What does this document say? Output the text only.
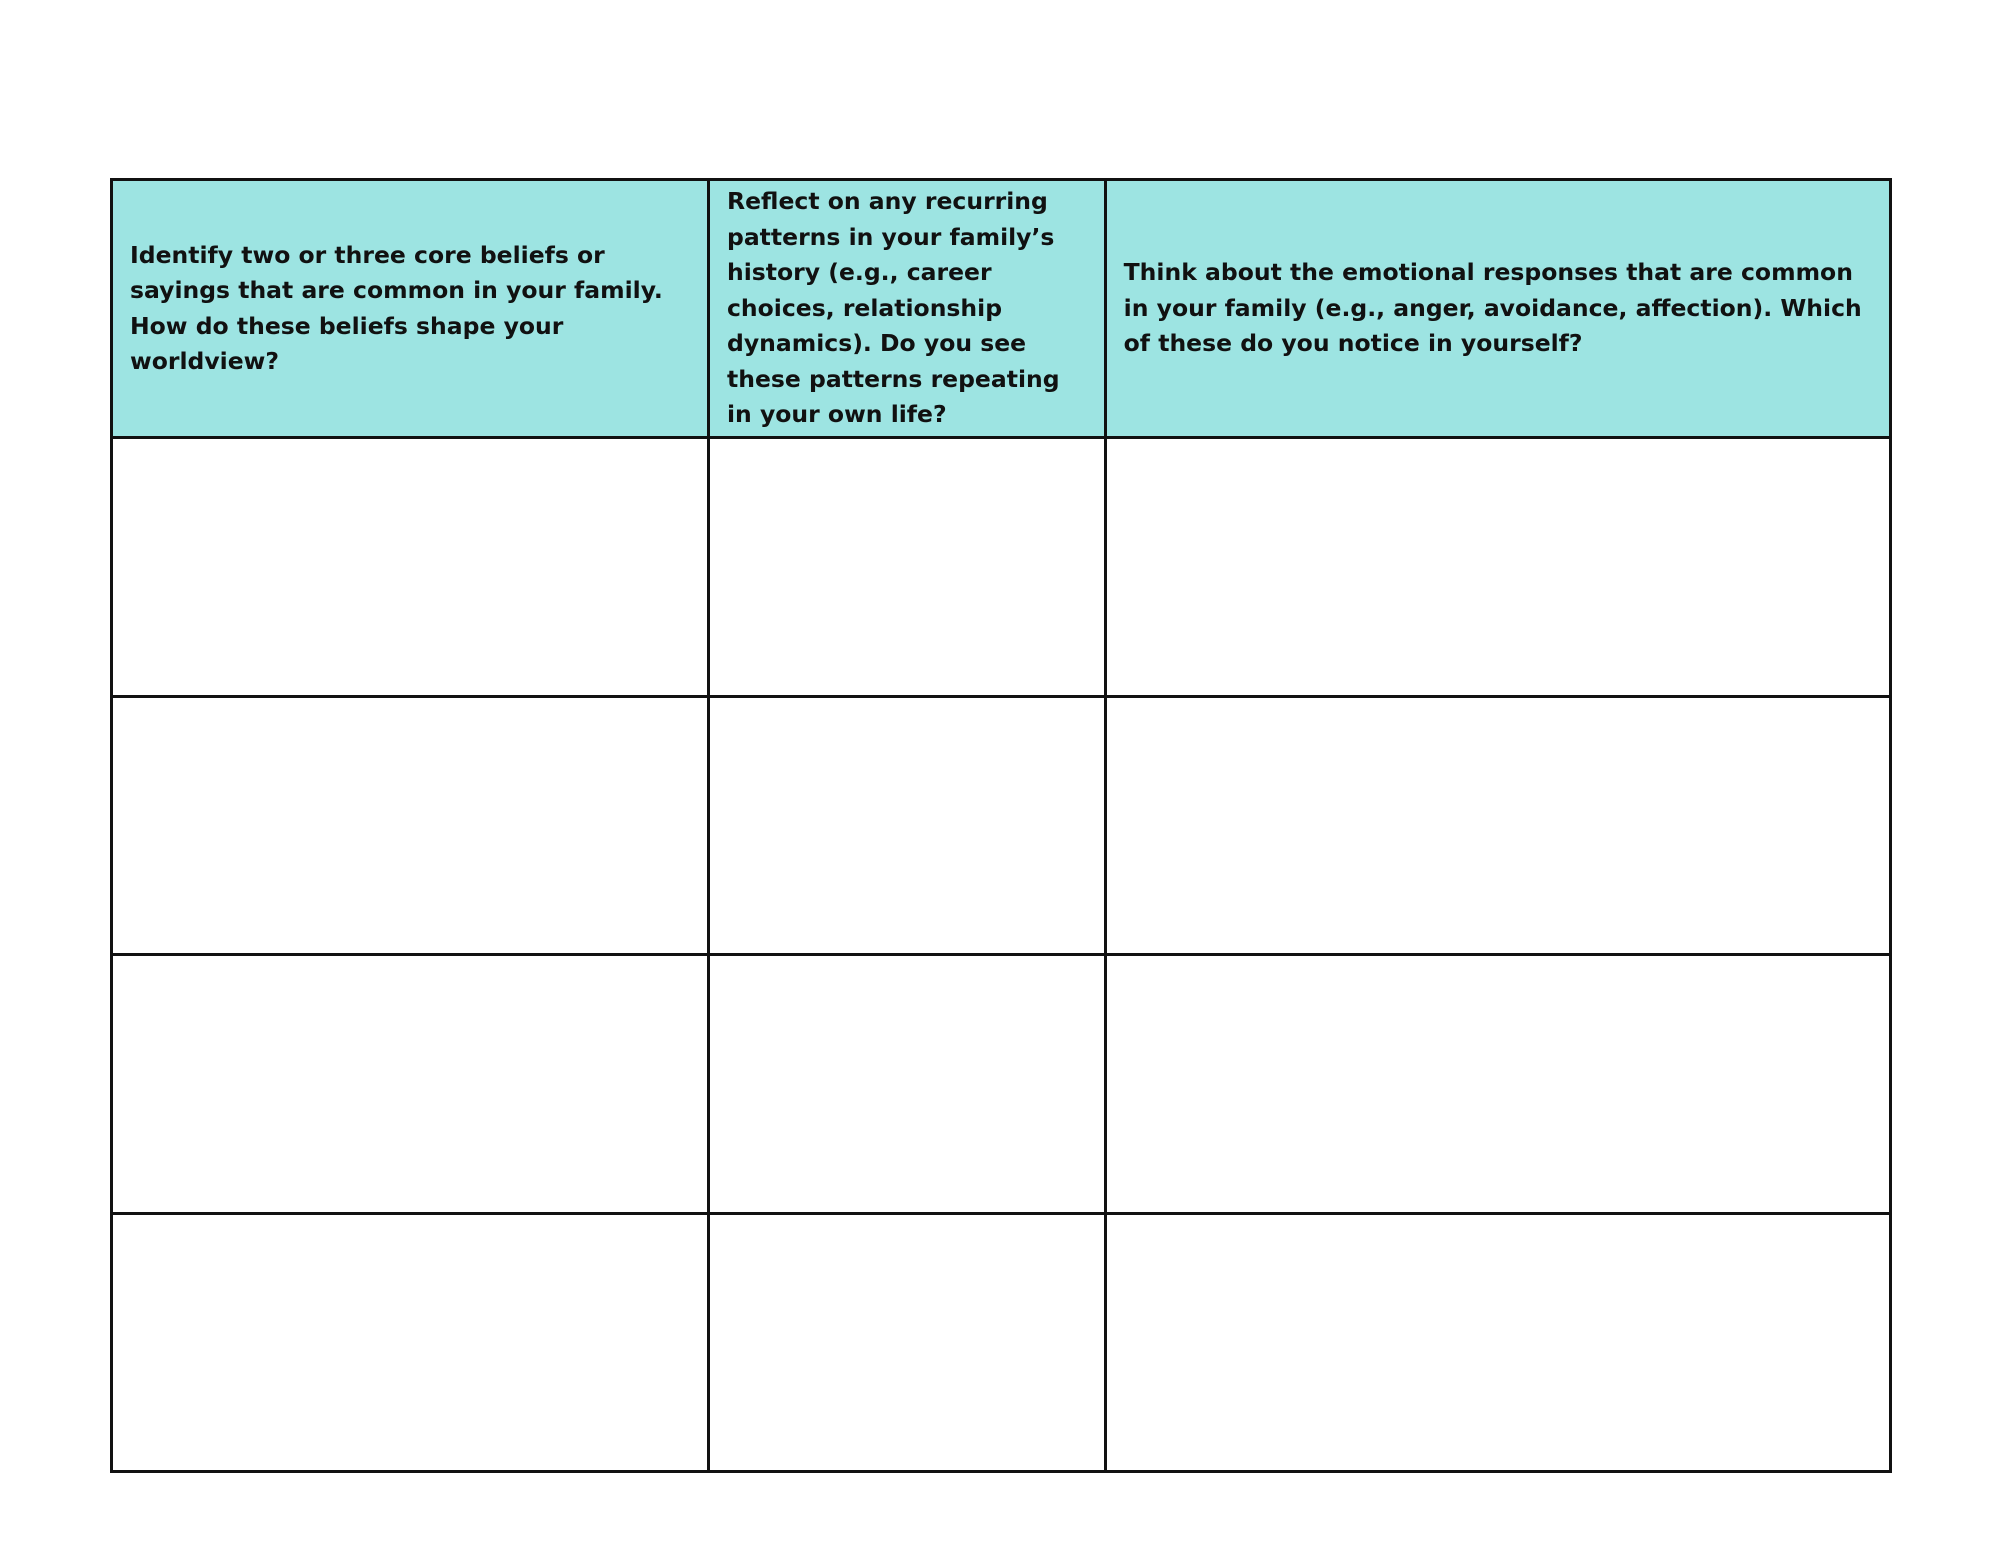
Identify two or three core beliefs or sayings that are common in your family. How do these beliefs shape your worldview?	Reflect on any recurring patterns in your family’s history (e.g., career choices, relationship dynamics). Do you see these patterns repeating in your own life?	Think about the emotional responses that are common in your family (e.g., anger, avoidance, affection). Which of these do you notice in yourself?
